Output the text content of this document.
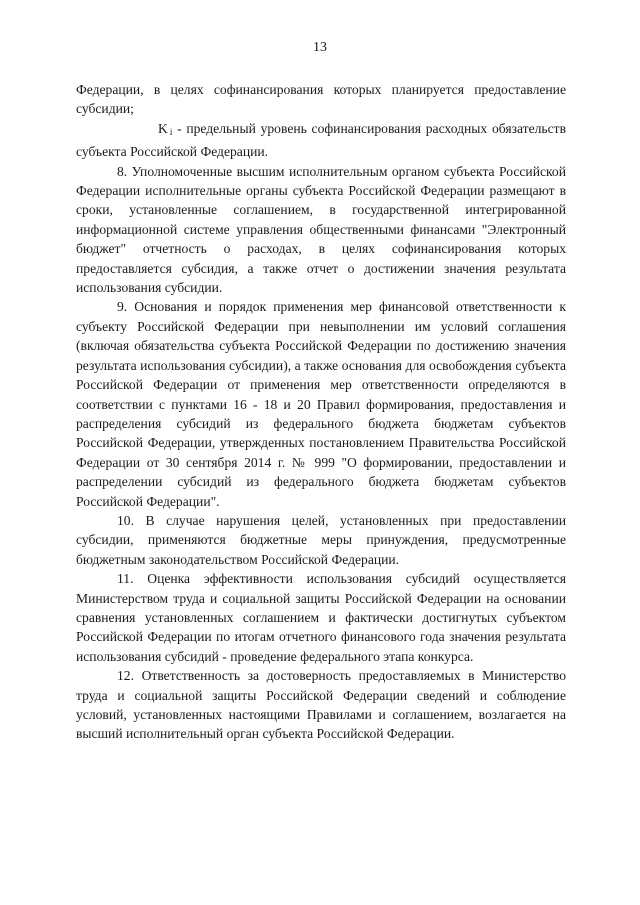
13

Федерации, в целях софинансирования которых планируется предоставление субсидии;

K $_i$ - предельный уровень софинансирования расходных обязательств субъекта Российской Федерации.

8. Уполномоченные высшим исполнительным органом субъекта Российской Федерации исполнительные органы субъекта Российской Федерации размещают в сроки, установленные соглашением, в государственной интегрированной информационной системе управления общественными финансами "Электронный бюджет" отчетность о расходах, в целях софинансирования которых предоставляется субсидия, а также отчет о достижении значения результата использования субсидии.

9. Основания и порядок применения мер финансовой ответственности к субъекту Российской Федерации при невыполнении им условий соглашения (включая обязательства субъекта Российской Федерации по достижению значения результата использования субсидии), а также основания для освобождения субъекта Российской Федерации от применения мер ответственности определяются в соответствии с пунктами 16 - 18 и 20 Правил формирования, предоставления и распределения субсидий из федерального бюджета бюджетам субъектов Российской Федерации, утвержденных постановлением Правительства Российской Федерации от 30 сентября 2014 г. № 999 "О формировании, предоставлении и распределении субсидий из федерального бюджета бюджетам субъектов Российской Федерации".

10. В случае нарушения целей, установленных при предоставлении субсидии, применяются бюджетные меры принуждения, предусмотренные бюджетным законодательством Российской Федерации.

11. Оценка эффективности использования субсидий осуществляется Министерством труда и социальной защиты Российской Федерации на основании сравнения установленных соглашением и фактически достигнутых субъектом Российской Федерации по итогам отчетного финансового года значения результата использования субсидий - проведение федерального этапа конкурса.

12. Ответственность за достоверность предоставляемых в Министерство труда и социальной защиты Российской Федерации сведений и соблюдение условий, установленных настоящими Правилами и соглашением, возлагается на высший исполнительный орган субъекта Российской Федерации.
